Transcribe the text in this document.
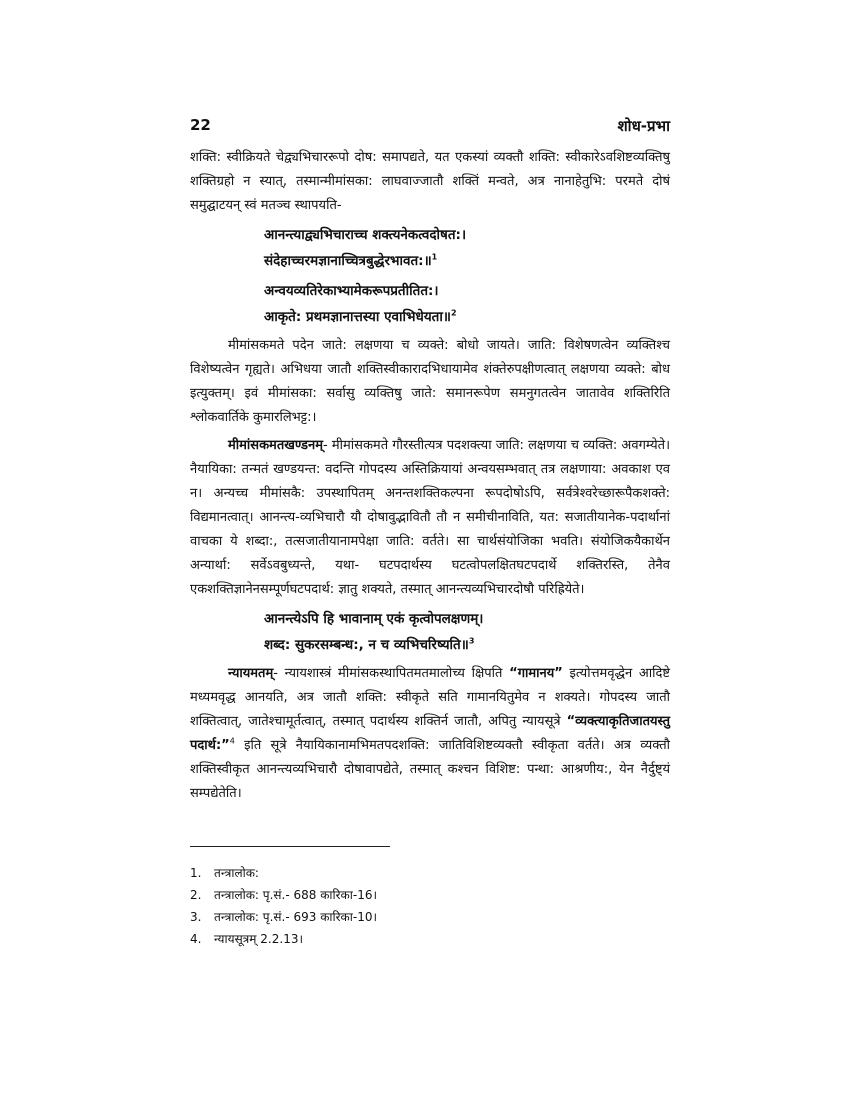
22	शोध-प्रभा

शक्ति: स्वीक्रियते चेद्व्यभिचाररूपो दोष: समापद्यते, यत एकस्यां व्यक्तौ शक्ति: स्वीकारेऽवशिष्टव्यक्तिषु शक्तिग्रहो न स्यात्, तस्मान्मीमांसका: लाघवाज्जातौ शक्तिं मन्वते, अत्र नानाहेतुभि: परमते दोषं समुद्घाटयन् स्वं मतञ्च स्थापयति-

आनन्त्याद्व्यभिचाराच्च शक्त्यनेकत्वदोषत:।
संदेहाच्चरमज्ञानाच्चित्रबुद्धेरभावत:॥$^1$
अन्वयव्यतिरेकाभ्यामेकरूपप्रतीतित:।
आकृते: प्रथमज्ञानात्तस्या एवाभिधेयता॥$^2$

मीमांसकमते पदेन जाते: लक्षणया च व्यक्ते: बोधो जायते। जाति: विशेषणत्वेन व्यक्तिश्च विशेष्यत्वेन गृह्यते। अभिधया जातौ शक्तिस्वीकारादभिधायामेव शंक्तेरुपक्षीणत्वात् लक्षणया व्यक्ते: बोध इत्युक्तम्। इवं मीमांसका: सर्वासु व्यक्तिषु जाते: समानरूपेण समनुगतत्वेन जातावेव शक्तिरिति श्लोकवार्तिके कुमारलिभट्ट:।

मीमांसकमतखण्डनम्- मीमांसकमते गौरस्तीत्यत्र पदशक्त्या जाति: लक्षणया च व्यक्ति: अवगम्येते। नैयायिका: तन्मतं खण्डयन्त: वदन्ति गोपदस्य अस्तिक्रियायां अन्वयसम्भवात् तत्र लक्षणाया: अवकाश एव न। अन्यच्च मीमांसकै: उपस्थापितम् अनन्तशक्तिकल्पना रूपदोषोऽपि, सर्वत्रेश्वरेच्छारूपैकशक्ते: विद्यमानत्वात्। आनन्त्य-व्यभिचारौ यौ दोषावुद्भावितौ तौ न समीचीनाविति, यत: सजातीयानेक-पदार्थानां वाचका ये शब्दा:, तत्सजातीयानामपेक्षा जाति: वर्तते। सा चार्थसंयोजिका भवति। संयोजिकयैकार्थेन अन्यार्था: सर्वेऽवबुध्यन्ते, यथा- घटपदार्थस्य घटत्वोपलक्षितघटपदार्थे शक्तिरस्ति, तेनैव एकशक्तिज्ञानेनसम्पूर्णघटपदार्थ: ज्ञातु शक्यते, तस्मात् आनन्त्यव्यभिचारदोषौ परिह्रियेते।

आनन्त्येऽपि हि भावानाम् एकं कृत्वोपलक्षणम्।
शब्द: सुकरसम्बन्ध:, न च व्यभिचरिष्यति॥$^3$

न्यायमतम्- न्यायशास्त्रं मीमांसकस्थापितमतमालोच्य क्षिपति “गामानय” इत्योत्तमवृद्धेन आदिष्टे मध्यमवृद्ध आनयति, अत्र जातौ शक्ति: स्वीकृते सति गामानयितुमेव न शक्यते। गोपदस्य जातौ शक्तित्वात्, जातेश्चामूर्तत्वात्, तस्मात् पदार्थस्य शक्तिर्न जातौ, अपितु न्यायसूत्रे “व्यक्त्याकृतिजातयस्तु पदार्थ:”$^4$ इति सूत्रे नैयायिकानामभिमतपदशक्ति: जातिविशिष्टव्यक्तौ स्वीकृता वर्तते। अत्र व्यक्तौ शक्तिस्वीकृत आनन्त्यव्यभिचारौ दोषावापद्येते, तस्मात् कश्चन विशिष्ट: पन्था: आश्रणीय:, येन नैर्दुष्ट्यं सम्पद्येतेति।

1. तन्त्रालोक:
2. तन्त्रालोक: पृ.सं.- 688 कारिका-16।
3. तन्त्रालोक: पृ.सं.- 693 कारिका-10।
4. न्यायसूत्रम् 2.2.13।
